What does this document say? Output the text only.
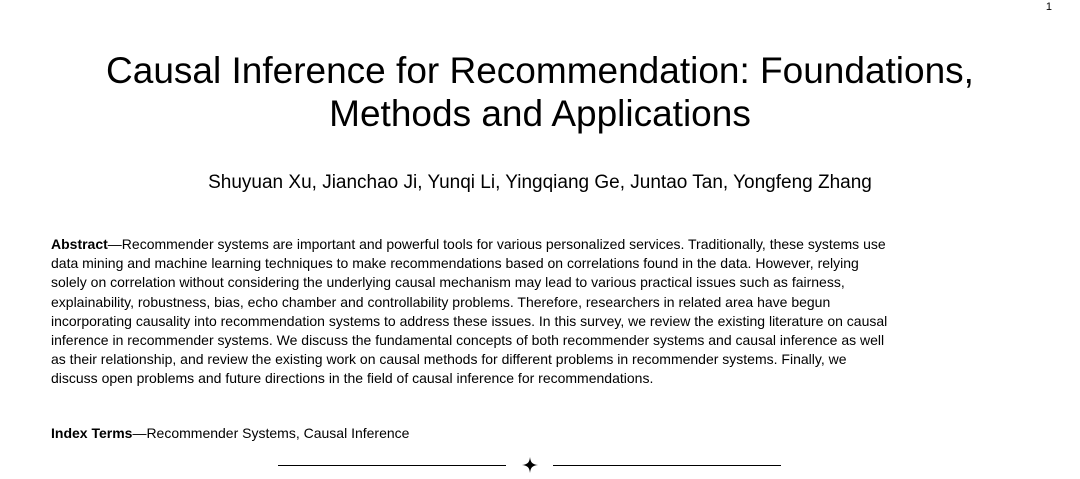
1
Causal Inference for Recommendation: Foundations,
Methods and Applications
Shuyuan Xu, Jianchao Ji, Yunqi Li, Yingqiang Ge, Juntao Tan, Yongfeng Zhang

Abstract—Recommender systems are important and powerful tools for various personalized services. Traditionally, these systems use
data mining and machine learning techniques to make recommendations based on correlations found in the data. However, relying
solely on correlation without considering the underlying causal mechanism may lead to various practical issues such as fairness,
explainability, robustness, bias, echo chamber and controllability problems. Therefore, researchers in related area have begun
incorporating causality into recommendation systems to address these issues. In this survey, we review the existing literature on causal
inference in recommender systems. We discuss the fundamental concepts of both recommender systems and causal inference as well
as their relationship, and review the existing work on causal methods for different problems in recommender systems. Finally, we
discuss open problems and future directions in the field of causal inference for recommendations.

Index Terms—Recommender Systems, Causal Inference
